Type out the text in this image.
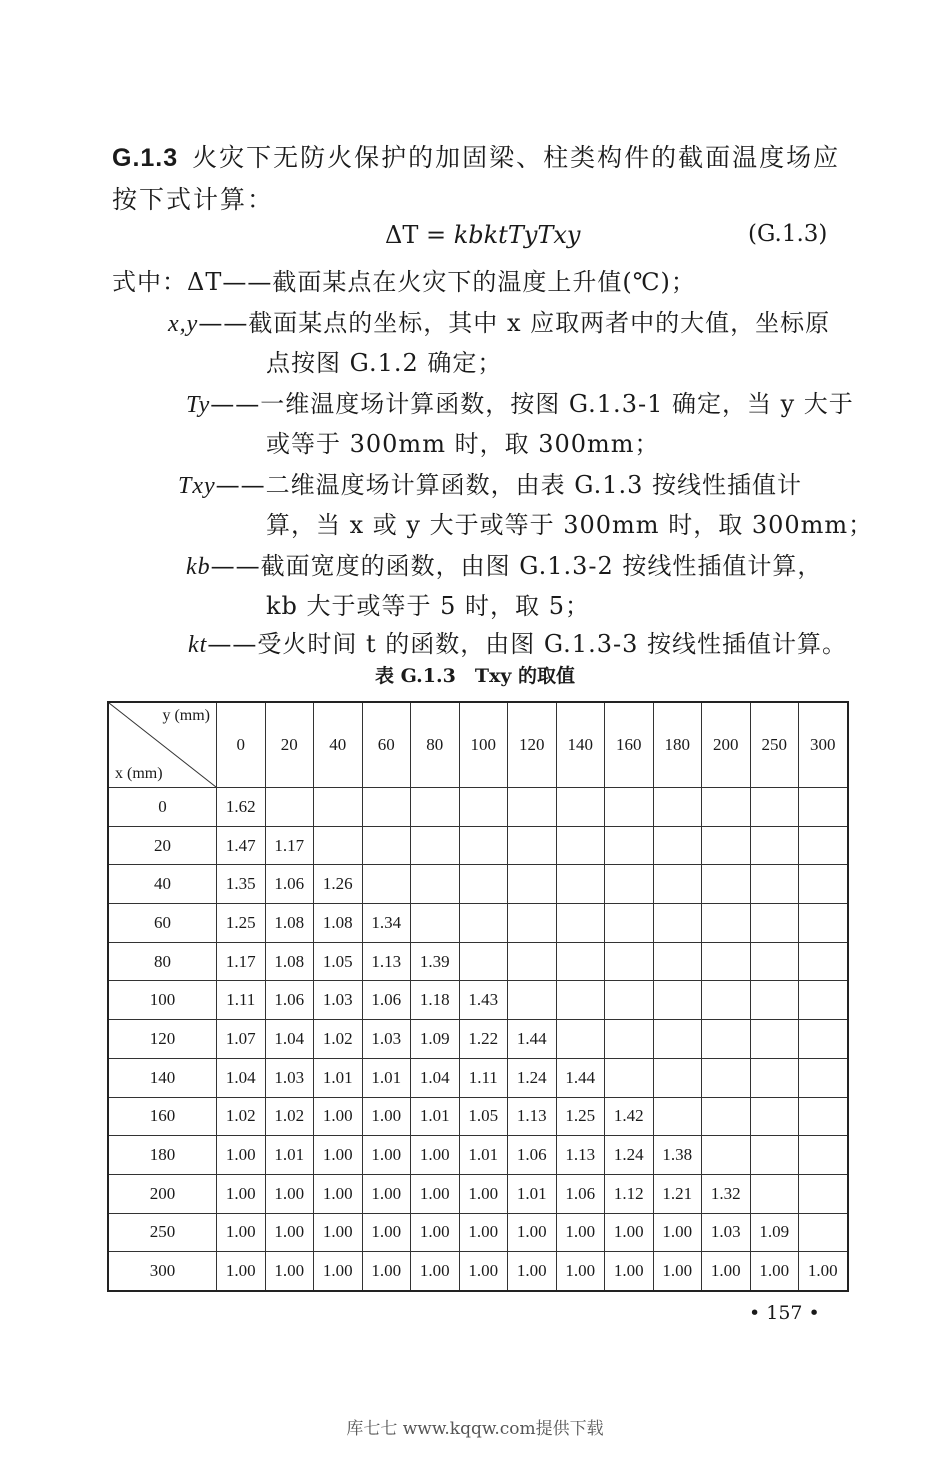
G.1.3 火灾下无防火保护的加固梁、柱类构件的截面温度场应
按下式计算：
ΔT = kbktTyTxy	(G.1.3)
式中：ΔT——截面某点在火灾下的温度上升值(℃)；
x,y——截面某点的坐标，其中 x 应取两者中的大值，坐标原
点按图 G.1.2 确定；
Ty——一维温度场计算函数，按图 G.1.3-1 确定，当 y 大于
或等于 300mm 时，取 300mm；
Txy——二维温度场计算函数，由表 G.1.3 按线性插值计
算，当 x 或 y 大于或等于 300mm 时，取 300mm；
kb——截面宽度的函数，由图 G.1.3-2 按线性插值计算，
kb 大于或等于 5 时，取 5；
kt——受火时间 t 的函数，由图 G.1.3-3 按线性插值计算。
表 G.1.3　Txy 的取值
y (mm)
x (mm)	0	20	40	60	80	100	120	140	160	180	200	250	300
0	1.62												
20	1.47	1.17											
40	1.35	1.06	1.26										
60	1.25	1.08	1.08	1.34									
80	1.17	1.08	1.05	1.13	1.39								
100	1.11	1.06	1.03	1.06	1.18	1.43							
120	1.07	1.04	1.02	1.03	1.09	1.22	1.44						
140	1.04	1.03	1.01	1.01	1.04	1.11	1.24	1.44					
160	1.02	1.02	1.00	1.00	1.01	1.05	1.13	1.25	1.42				
180	1.00	1.01	1.00	1.00	1.00	1.01	1.06	1.13	1.24	1.38			
200	1.00	1.00	1.00	1.00	1.00	1.00	1.01	1.06	1.12	1.21	1.32		
250	1.00	1.00	1.00	1.00	1.00	1.00	1.00	1.00	1.00	1.00	1.03	1.09	
300	1.00	1.00	1.00	1.00	1.00	1.00	1.00	1.00	1.00	1.00	1.00	1.00	1.00
• 157 •
库七七 www.kqqw.com提供下载
